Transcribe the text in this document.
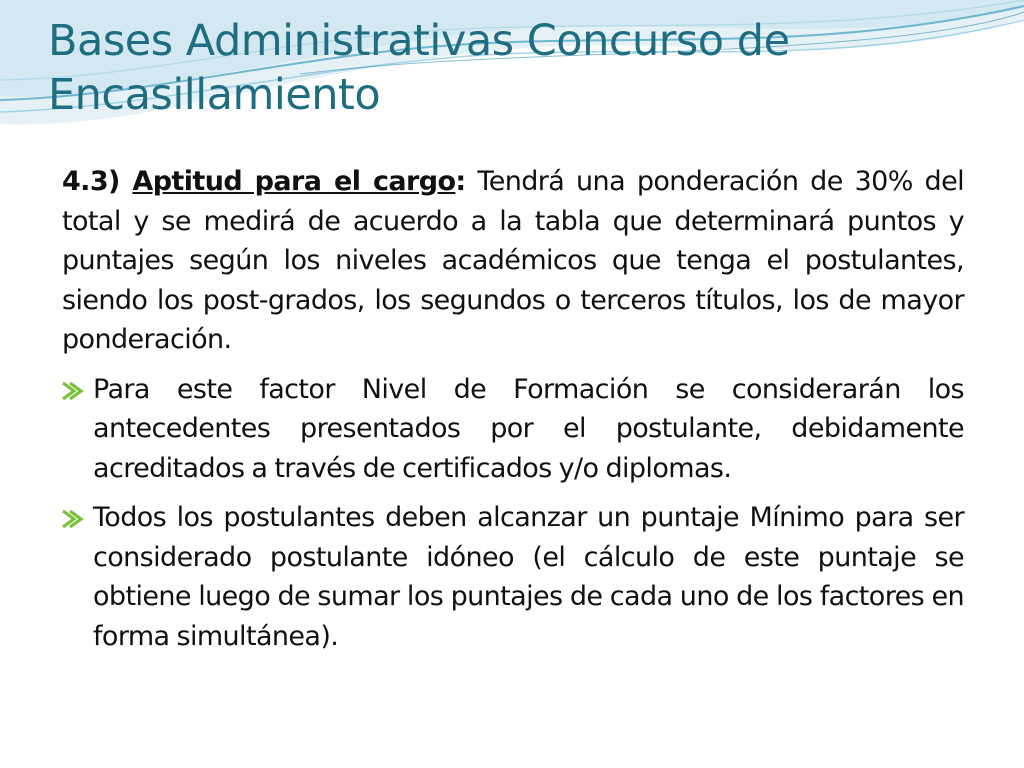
Bases Administrativas Concurso de Encasillamiento

4.3) Aptitud para el cargo: Tendrá una ponderación de 30% del total y se medirá de acuerdo a la tabla que determinará puntos y puntajes según los niveles académicos que tenga el postulantes, siendo los post-grados, los segundos o terceros títulos, los de mayor ponderación.

Para este factor Nivel de Formación se considerarán los antecedentes presentados por el postulante, debidamente acreditados a través de certificados y/o diplomas.
Todos los postulantes deben alcanzar un puntaje Mínimo para ser considerado postulante idóneo (el cálculo de este puntaje se obtiene luego de sumar los puntajes de cada uno de los factores en forma simultánea).
